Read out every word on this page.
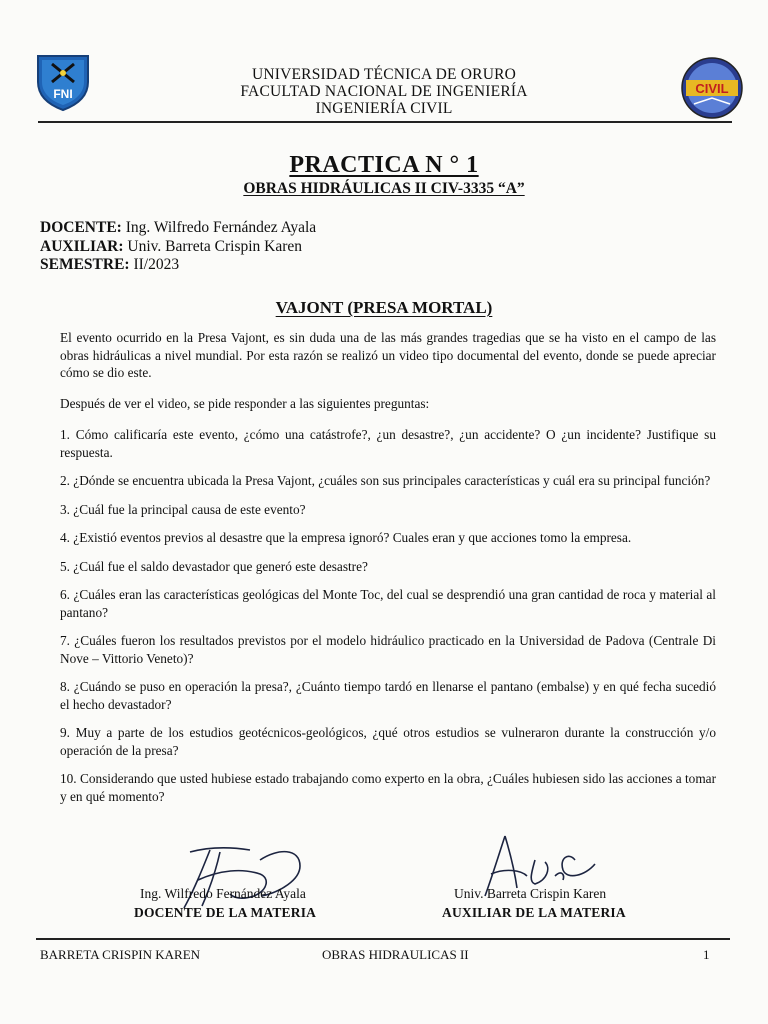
FNI	CIVIL
UNIVERSIDAD TÉCNICA DE ORURO
FACULTAD NACIONAL DE INGENIERÍA
INGENIERÍA CIVIL
PRACTICA N ° 1
OBRAS HIDRÁULICAS II CIV-3335 “A”
DOCENTE: Ing. Wilfredo Fernández Ayala
AUXILIAR: Univ. Barreta Crispin Karen
SEMESTRE: II/2023
VAJONT (PRESA MORTAL)

El evento ocurrido en la Presa Vajont, es sin duda una de las más grandes tragedias que se ha visto en el campo de las obras hidráulicas a nivel mundial. Por esta razón se realizó un video tipo documental del evento, donde se puede apreciar cómo se dio este.

Después de ver el video, se pide responder a las siguientes preguntas:

1. Cómo calificaría este evento, ¿cómo una catástrofe?, ¿un desastre?, ¿un accidente? O ¿un incidente? Justifique su respuesta.
2. ¿Dónde se encuentra ubicada la Presa Vajont, ¿cuáles son sus principales características y cuál era su principal función?
3. ¿Cuál fue la principal causa de este evento?
4. ¿Existió eventos previos al desastre que la empresa ignoró? Cuales eran y que acciones tomo la empresa.
5. ¿Cuál fue el saldo devastador que generó este desastre?
6. ¿Cuáles eran las características geológicas del Monte Toc, del cual se desprendió una gran cantidad de roca y material al pantano?
7. ¿Cuáles fueron los resultados previstos por el modelo hidráulico practicado en la Universidad de Padova (Centrale Di Nove – Vittorio Veneto)?
8. ¿Cuándo se puso en operación la presa?, ¿Cuánto tiempo tardó en llenarse el pantano (embalse) y en qué fecha sucedió el hecho devastador?
9. Muy a parte de los estudios geotécnicos-geológicos, ¿qué otros estudios se vulneraron durante la construcción y/o operación de la presa?
10. Considerando que usted hubiese estado trabajando como experto en la obra, ¿Cuáles hubiesen sido las acciones a tomar y en qué momento?
Ing. Wilfredo Fernández Ayala
DOCENTE DE LA MATERIA
Univ. Barreta Crispin Karen
AUXILIAR DE LA MATERIA
BARRETA CRISPIN KAREN	OBRAS HIDRAULICAS II	1
